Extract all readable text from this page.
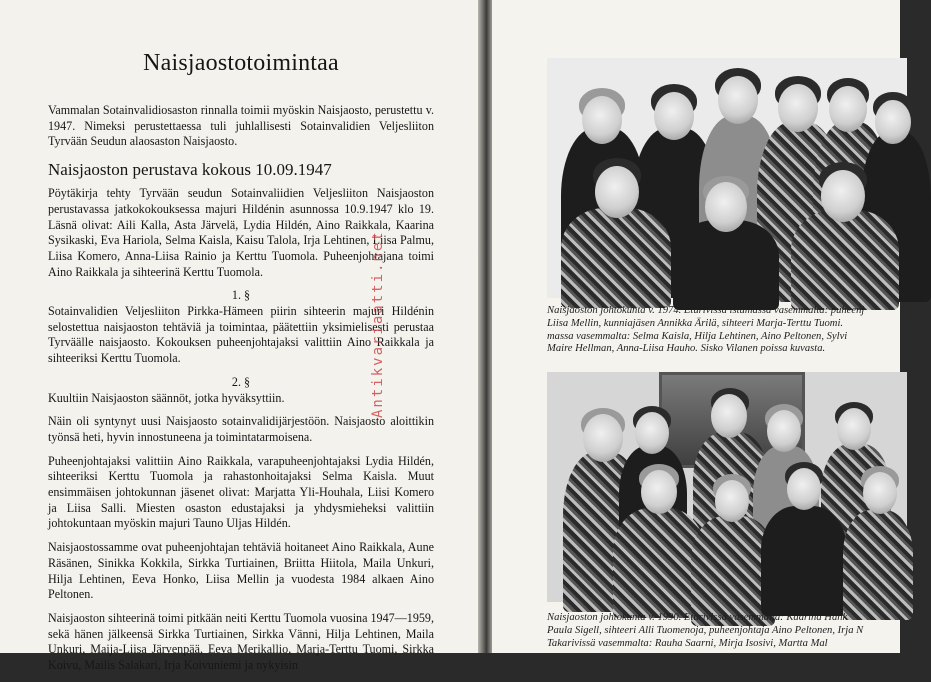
Naisjaostotoimintaa

Vammalan Sotainvalidiosaston rinnalla toimii myöskin Naisjaosto, perustettu v. 1947. Nimeksi perustettaessa tuli juhlallisesti Sotainvalidien Veljesliiton Tyrvään Seudun alaosaston Naisjaosto.

Naisjaoston perustava kokous 10.09.1947

Pöytäkirja tehty Tyrvään seudun Sotainvaliidien Veljesliiton Naisjaoston perustavassa jatkokokouksessa majuri Hildénin asunnossa 10.9.1947 klo 19. Läsnä olivat: Aili Kalla, Asta Järvelä, Lydia Hildén, Aino Raikkala, Kaarina Sysikaski, Eva Hariola, Selma Kaisla, Kaisu Talola, Irja Lehtinen, Liisa Palmu, Liisa Komero, Anna-Liisa Rainio ja Kerttu Tuomola. Puheenjohtajana toimi Aino Raikkala ja sihteerinä Kerttu Tuomola.

1. §

Sotainvalidien Veljesliiton Pirkka-Hämeen piirin sihteerin majuri Hildénin selostettua naisjaoston tehtäviä ja toimintaa, päätettiin yksimielisesti perustaa Tyrväälle naisjaosto. Kokouksen puheenjohtajaksi valittiin Aino Raikkala ja sihteeriksi Kerttu Tuomola.

2. §

Kuultiin Naisjaoston säännöt, jotka hyväksyttiin.

Näin oli syntynyt uusi Naisjaosto sotainvalidijärjestöön. Naisjaosto aloittikin työnsä heti, hyvin innostuneena ja toimintatarmoisena.

Puheenjohtajaksi valittiin Aino Raikkala, varapuheenjohtajaksi Lydia Hildén, sihteeriksi Kerttu Tuomola ja rahastonhoitajaksi Selma Kaisla. Muut ensimmäisen johtokunnan jäsenet olivat: Marjatta Yli-Houhala, Liisi Komero ja Liisa Salli. Miesten osaston edustajaksi ja yhdysmieheksi valittiin johtokuntaan myöskin majuri Tauno Uljas Hildén.

Naisjaostossamme ovat puheenjohtajan tehtäviä hoitaneet Aino Raikkala, Aune Räsänen, Sinikka Kokkila, Sirkka Turtiainen, Briitta Hiitola, Maila Unkuri, Hilja Lehtinen, Eeva Honko, Liisa Mellin ja vuodesta 1984 alkaen Aino Peltonen.

Naisjaoston sihteerinä toimi pitkään neiti Kerttu Tuomola vuosina 1947—1959, sekä hänen jälkeensä Sirkka Turtiainen, Sirkka Vänni, Hilja Lehtinen, Maila Unkuri, Maija-Liisa Järvenpää, Eeva Merikallio, Marja-Terttu Tuomi, Sirkka Koivu, Mailis Salakari, Irja Koivuniemi ja nykyisin

Antikvariaatti.net	Naisjaoston johtokunta v. 1974. Eturivissä istumassa vasemmalta: puheenj
Liisa Mellin, kunniajäsen Annikka Ärilä, sihteeri Marja-Terttu Tuomi.
massa vasemmalta: Selma Kaisla, Hilja Lehtinen, Aino Peltonen, Sylvi
Maire Hellman, Anna-Liisa Hauho. Sisko Vilanen poissa kuvasta.
Naisjaoston johtokunta v. 1990. Eturivissä vasemmalta: Kaarina Hank
Paula Sigell, sihteeri Alli Tuomenoja, puheenjohtaja Aino Peltonen, Irja N
Takarivissä vasemmalta: Rauha Saarni, Mirja Isosivi, Martta Mal
